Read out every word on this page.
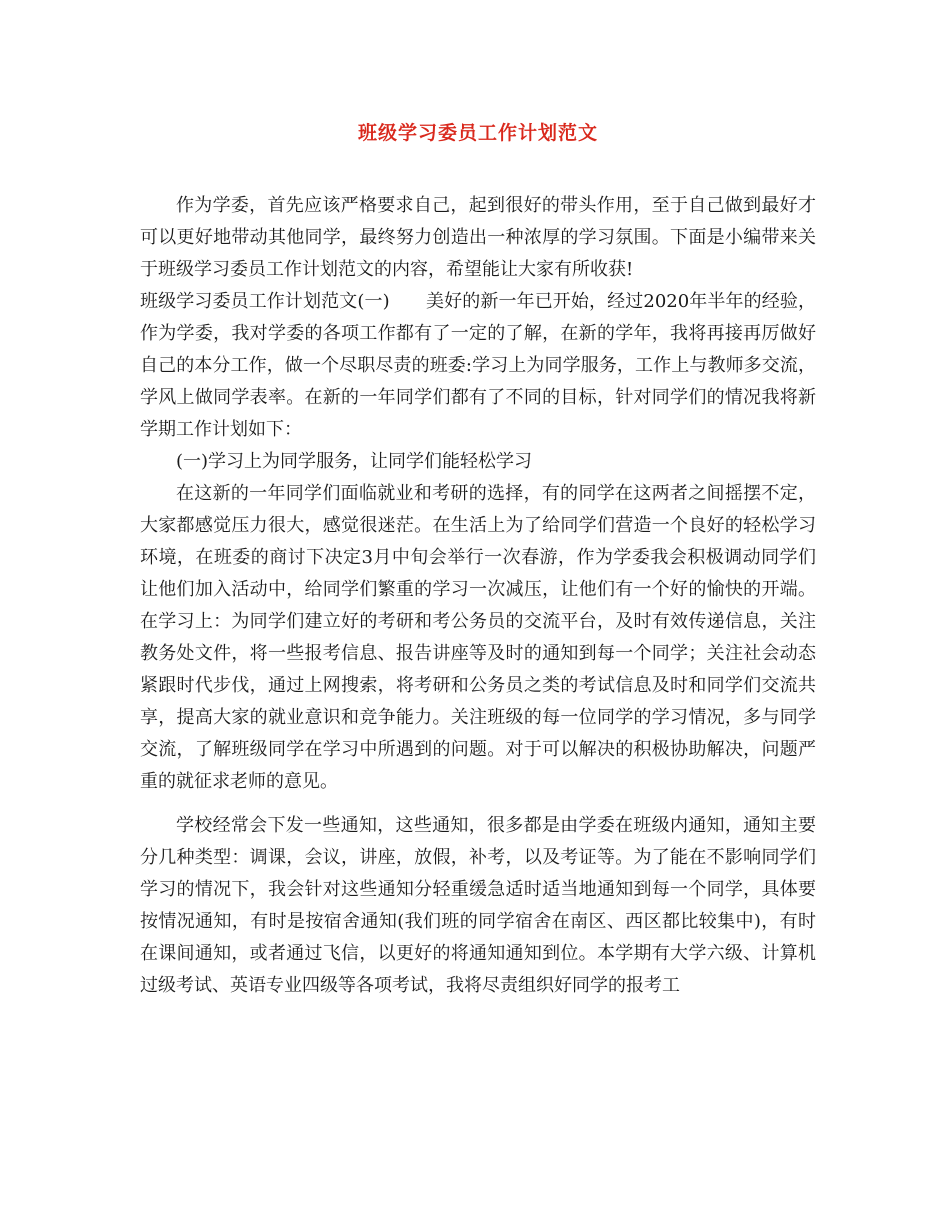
班级学习委员工作计划范文

作为学委，首先应该严格要求自己，起到很好的带头作用，至于自己做到最好才可以更好地带动其他同学，最终努力创造出一种浓厚的学习氛围。下面是小编带来关于班级学习委员工作计划范文的内容，希望能让大家有所收获!

班级学习委员工作计划范文(一)　　美好的新一年已开始，经过2020年半年的经验，作为学委，我对学委的各项工作都有了一定的了解，在新的学年，我将再接再厉做好自己的本分工作，做一个尽职尽责的班委:学习上为同学服务，工作上与教师多交流，学风上做同学表率。在新的一年同学们都有了不同的目标，针对同学们的情况我将新学期工作计划如下：

(一)学习上为同学服务，让同学们能轻松学习

在这新的一年同学们面临就业和考研的选择，有的同学在这两者之间摇摆不定，大家都感觉压力很大，感觉很迷茫。在生活上为了给同学们营造一个良好的轻松学习环境，在班委的商讨下决定3月中旬会举行一次春游，作为学委我会积极调动同学们让他们加入活动中，给同学们繁重的学习一次减压，让他们有一个好的愉快的开端。在学习上：为同学们建立好的考研和考公务员的交流平台，及时有效传递信息，关注教务处文件，将一些报考信息、报告讲座等及时的通知到每一个同学；关注社会动态紧跟时代步伐，通过上网搜索，将考研和公务员之类的考试信息及时和同学们交流共享，提高大家的就业意识和竞争能力。关注班级的每一位同学的学习情况，多与同学交流，了解班级同学在学习中所遇到的问题。对于可以解决的积极协助解决，问题严重的就征求老师的意见。

学校经常会下发一些通知，这些通知，很多都是由学委在班级内通知，通知主要分几种类型：调课，会议，讲座，放假，补考，以及考证等。为了能在不影响同学们学习的情况下，我会针对这些通知分轻重缓急适时适当地通知到每一个同学，具体要按情况通知，有时是按宿舍通知(我们班的同学宿舍在南区、西区都比较集中)，有时在课间通知，或者通过飞信，以更好的将通知通知到位。本学期有大学六级、计算机过级考试、英语专业四级等各项考试，我将尽责组织好同学的报考工
